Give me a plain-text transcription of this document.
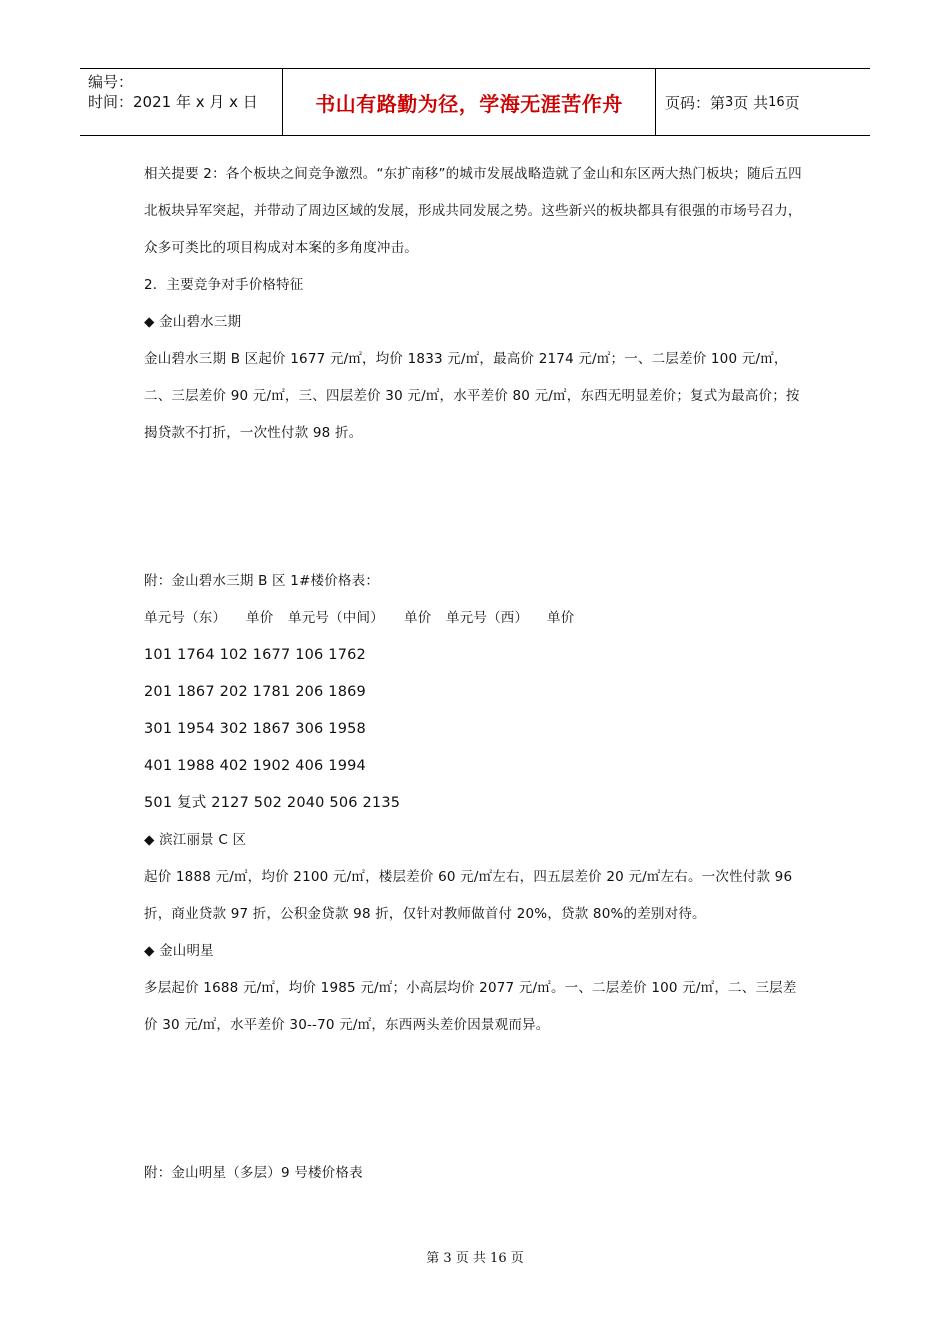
编号：
时间：2021 年 x 月 x 日	书山有路勤为径，学海无涯苦作舟	页码：第 3 页 共 16 页

相关提要 2：各个板块之间竞争激烈。“东扩南移”的城市发展战略造就了金山和东区两大热门板块；随后五四北板块异军突起，并带动了周边区域的发展，形成共同发展之势。这些新兴的板块都具有很强的市场号召力，众多可类比的项目构成对本案的多角度冲击。

2．主要竞争对手价格特征

◆ 金山碧水三期

金山碧水三期 B 区起价 1677 元/㎡，均价 1833 元/㎡，最高价 2174 元/㎡；一、二层差价 100 元/㎡，二、三层差价 90 元/㎡，三、四层差价 30 元/㎡，水平差价 80 元/㎡，东西无明显差价；复式为最高价；按揭贷款不打折，一次性付款 98 折。

附：金山碧水三期 B 区 1#楼价格表：

单元号（东） 单价 单元号（中间） 单价 单元号（西） 单价

101 1764 102 1677 106 1762

201 1867 202 1781 206 1869

301 1954 302 1867 306 1958

401 1988 402 1902 406 1994

501 复式 2127 502 2040 506 2135

◆ 滨江丽景 C 区

起价 1888 元/㎡，均价 2100 元/㎡，楼层差价 60 元/㎡左右，四五层差价 20 元/㎡左右。一次性付款 96 折，商业贷款 97 折，公积金贷款 98 折，仅针对教师做首付 20%，贷款 80%的差别对待。

◆ 金山明星

多层起价 1688 元/㎡，均价 1985 元/㎡；小高层均价 2077 元/㎡。一、二层差价 100 元/㎡，二、三层差价 30 元/㎡，水平差价 30--70 元/㎡，东西两头差价因景观而异。

附：金山明星（多层）9 号楼价格表

第 3 页 共 16 页
